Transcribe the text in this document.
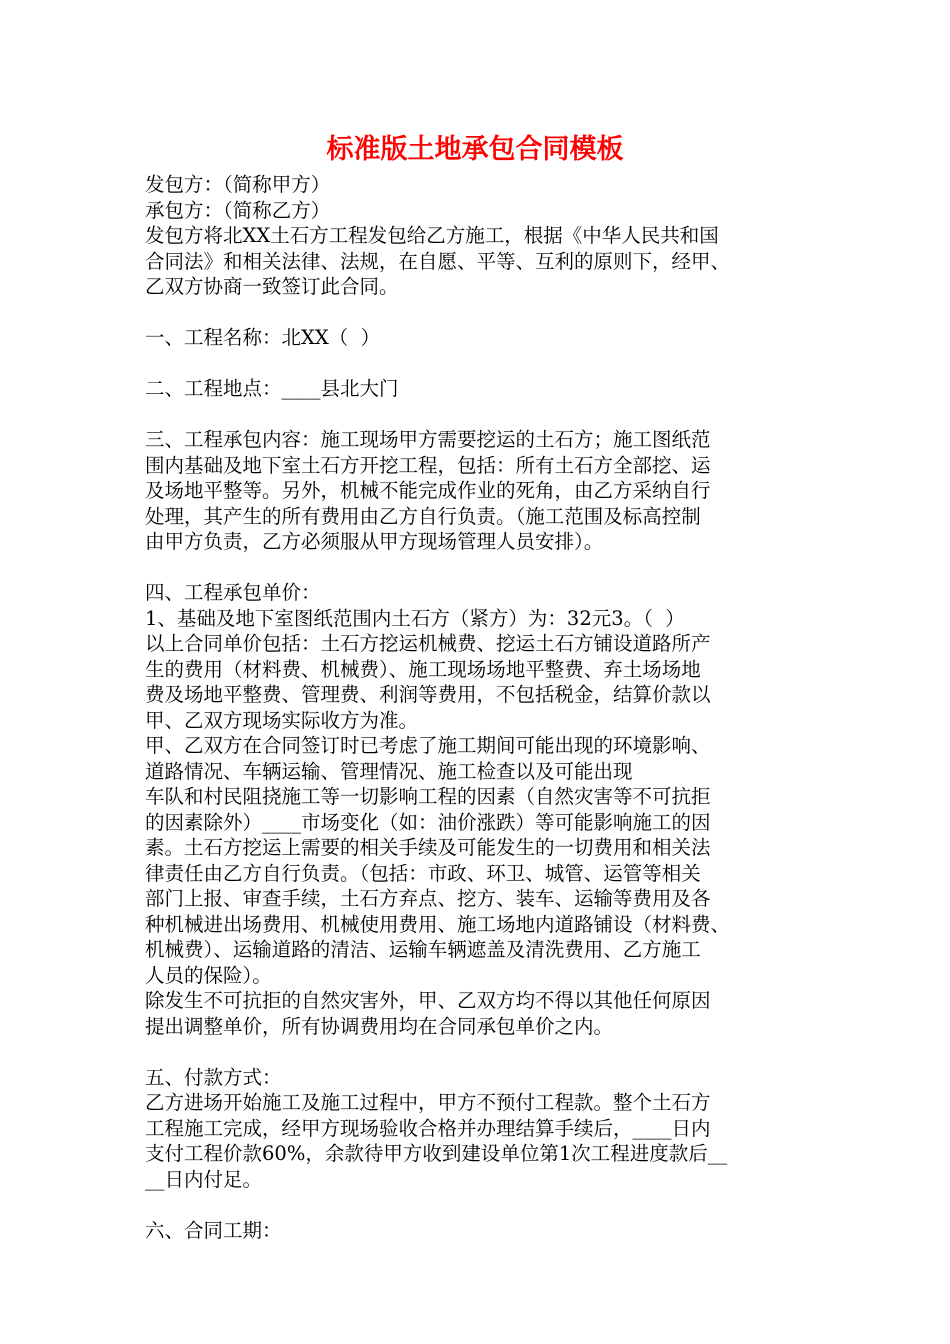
标准版土地承包合同模板
发包方：（简称甲方）
承包方：（简称乙方）
发包方将北XX土石方工程发包给乙方施工，根据《中华人民共和国
合同法》和相关法律、法规，在自愿、平等、互利的原则下，经甲、
乙双方协商一致签订此合同。
一、工程名称：北XX（  ）
二、工程地点：____县北大门
三、工程承包内容：施工现场甲方需要挖运的土石方；施工图纸范
围内基础及地下室土石方开挖工程，包括：所有土石方全部挖、运
及场地平整等。另外，机械不能完成作业的死角，由乙方采纳自行
处理，其产生的所有费用由乙方自行负责。（施工范围及标高控制
由甲方负责，乙方必须服从甲方现场管理人员安排）。
四、工程承包单价：
1、基础及地下室图纸范围内土石方（紧方）为：32元3。（  ）
以上合同单价包括：土石方挖运机械费、挖运土石方铺设道路所产
生的费用（材料费、机械费）、施工现场场地平整费、弃土场场地
费及场地平整费、管理费、利润等费用，不包括税金，结算价款以
甲、乙双方现场实际收方为准。
甲、乙双方在合同签订时已考虑了施工期间可能出现的环境影响、
道路情况、车辆运输、管理情况、施工检查以及可能出现
车队和村民阻挠施工等一切影响工程的因素（自然灾害等不可抗拒
的因素除外）____市场变化（如：油价涨跌）等可能影响施工的因
素。土石方挖运上需要的相关手续及可能发生的一切费用和相关法
律责任由乙方自行负责。（包括：市政、环卫、城管、运管等相关
部门上报、审查手续，土石方弃点、挖方、装车、运输等费用及各
种机械进出场费用、机械使用费用、施工场地内道路铺设（材料费、
机械费）、运输道路的清洁、运输车辆遮盖及清洗费用、乙方施工
人员的保险）。
除发生不可抗拒的自然灾害外，甲、乙双方均不得以其他任何原因
提出调整单价，所有协调费用均在合同承包单价之内。
五、付款方式：
乙方进场开始施工及施工过程中，甲方不预付工程款。整个土石方
工程施工完成，经甲方现场验收合格并办理结算手续后，____日内
支付工程价款60%，余款待甲方收到建设单位第1次工程进度款后__
__日内付足。
六、合同工期：
